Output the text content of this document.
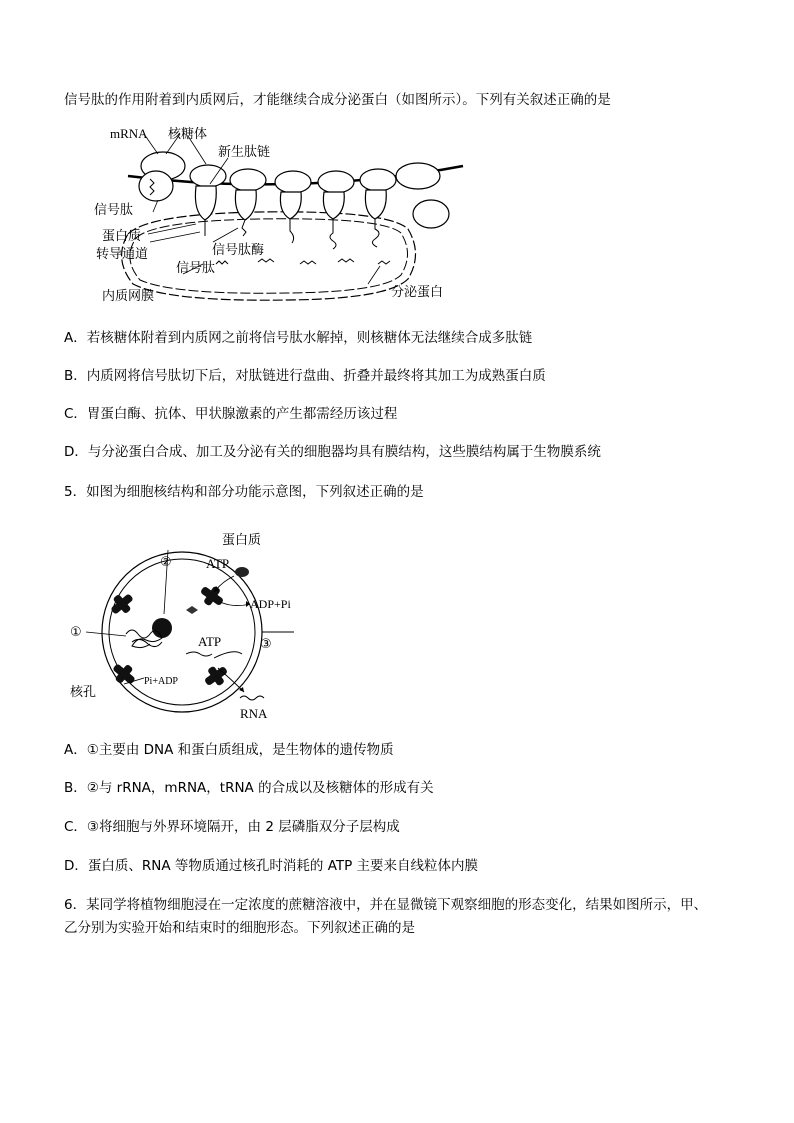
信号肽的作用附着到内质网后，才能继续合成分泌蛋白（如图所示）。下列有关叙述正确的是
mRNA 核糖体
新生肽链
信号肽
蛋白质
转导通道	信号肽酶
信号肽
内质网膜	分泌蛋白
A．若核糖体附着到内质网之前将信号肽水解掉，则核糖体无法继续合成多肽链
B．内质网将信号肽切下后，对肽链进行盘曲、折叠并最终将其加工为成熟蛋白质
C．胃蛋白酶、抗体、甲状腺激素的产生都需经历该过程
D．与分泌蛋白合成、加工及分泌有关的细胞器均具有膜结构，这些膜结构属于生物膜系统
5．如图为细胞核结构和部分功能示意图，下列叙述正确的是
蛋白质
ATP
ADP+Pi
②
①
③
ATP
Pi+ADP
核孔
RNA
A．①主要由 DNA 和蛋白质组成，是生物体的遗传物质
B．②与 rRNA，mRNA，tRNA 的合成以及核糖体的形成有关
C．③将细胞与外界环境隔开，由 2 层磷脂双分子层构成
D．蛋白质、RNA 等物质通过核孔时消耗的 ATP 主要来自线粒体内膜
6．某同学将植物细胞浸在一定浓度的蔗糖溶液中，并在显微镜下观察细胞的形态变化，结果如图所示，甲、
乙分别为实验开始和结束时的细胞形态。下列叙述正确的是
